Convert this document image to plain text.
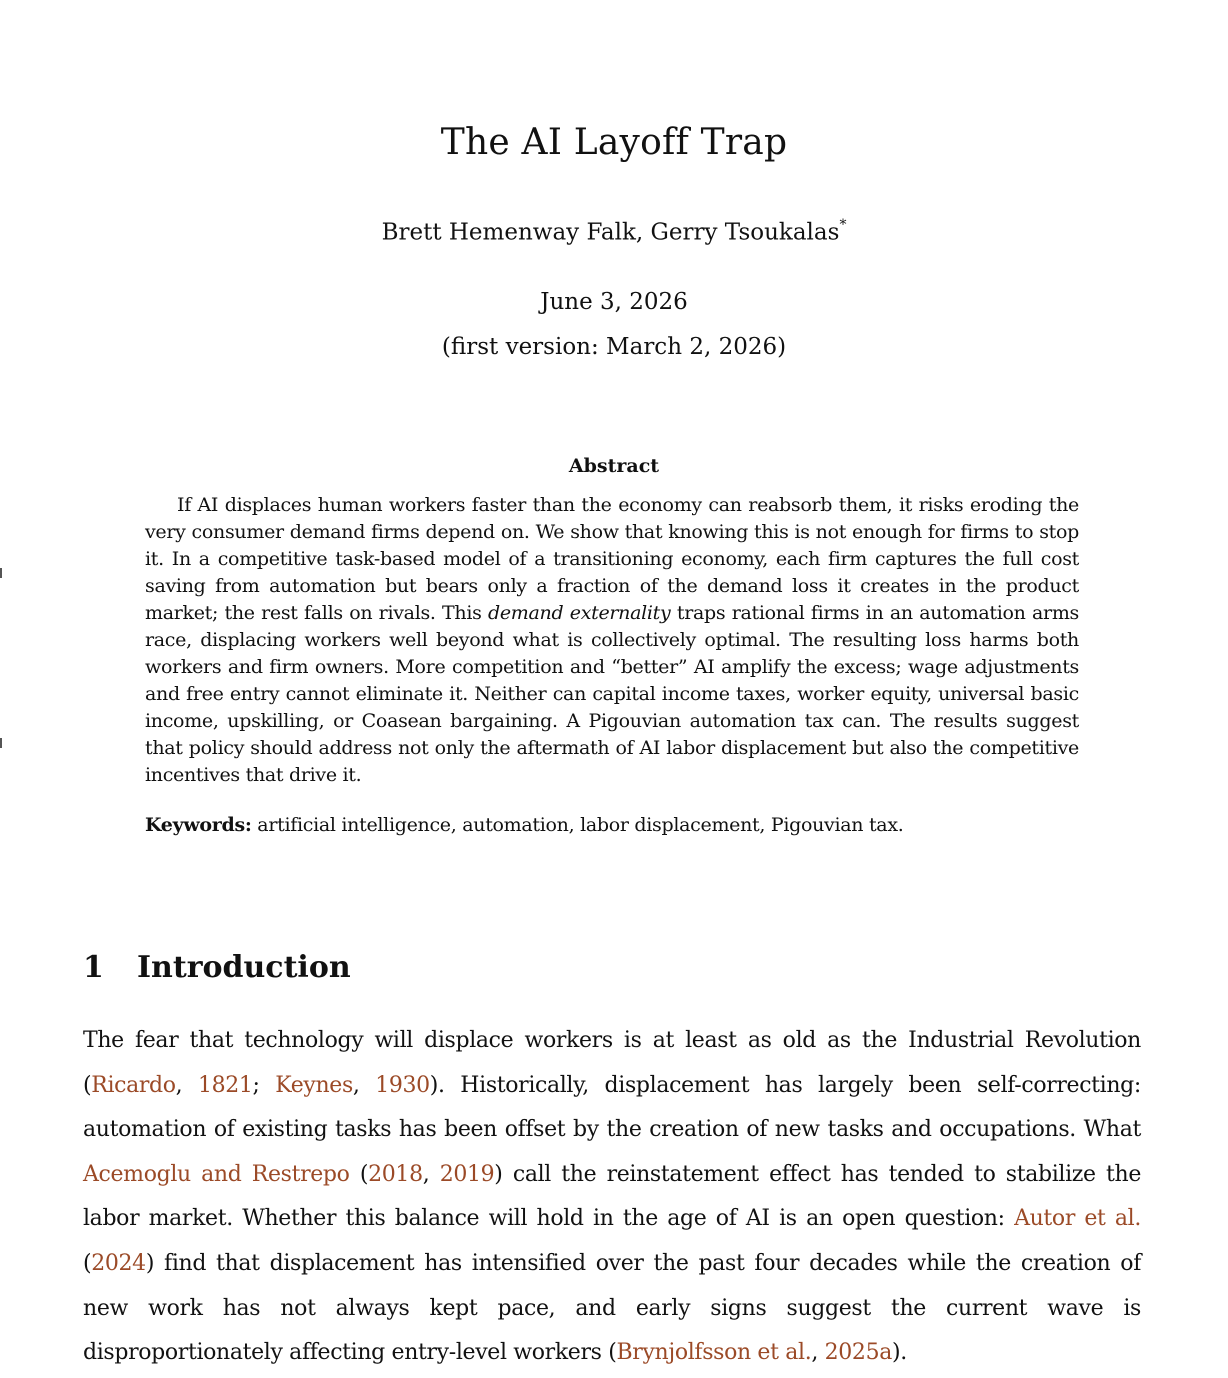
The AI Layoff Trap
Brett Hemenway Falk, Gerry Tsoukalas*
June 3, 2026
(first version: March 2, 2026)
Abstract
If AI displaces human workers faster than the economy can reabsorb them, it risks eroding the very consumer demand firms depend on. We show that knowing this is not enough for firms to stop it. In a competitive task-based model of a transitioning economy, each firm captures the full cost saving from automation but bears only a fraction of the demand loss it creates in the product market; the rest falls on rivals. This demand externality traps rational firms in an automation arms race, displacing workers well beyond what is collectively optimal. The resulting loss harms both workers and firm owners. More competition and “better” AI amplify the excess; wage adjustments and free entry cannot eliminate it. Neither can capital income taxes, worker equity, universal basic income, upskilling, or Coasean bargaining. A Pigouvian automation tax can. The results suggest that policy should address not only the aftermath of AI labor displacement but also the competitive incentives that drive it.
Keywords: artificial intelligence, automation, labor displacement, Pigouvian tax.
1 Introduction
The fear that technology will displace workers is at least as old as the Industrial Revolution (Ricardo, 1821; Keynes, 1930). Historically, displacement has largely been self-correcting: automation of existing tasks has been offset by the creation of new tasks and occupations. What Acemoglu and Restrepo (2018, 2019) call the reinstatement effect has tended to stabilize the labor market. Whether this balance will hold in the age of AI is an open question: Autor et al. (2024) find that displacement has intensified over the past four decades while the creation of new work has not always kept pace, and early signs suggest the current wave is disproportionately affecting entry-level workers (Brynjolfsson et al., 2025a).
